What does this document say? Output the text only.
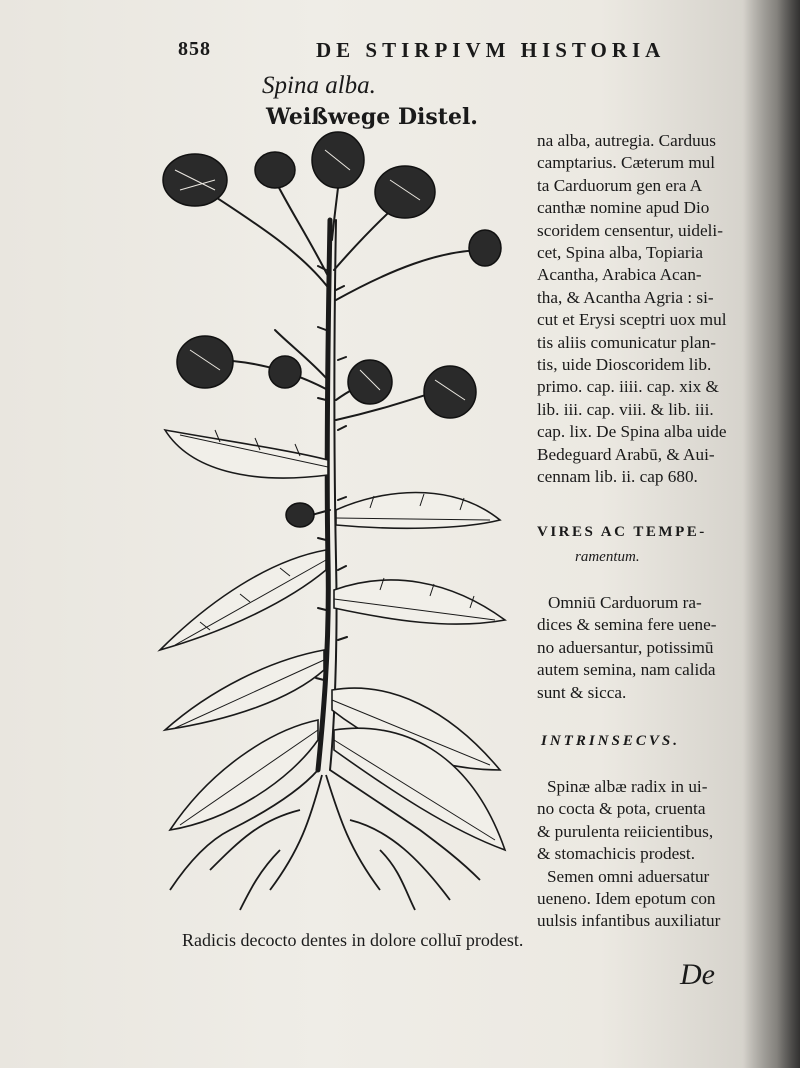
858	DE STIRPIVM HISTORIA
Spina alba.
Weißwege Distel.
na alba, autregia. Carduus
camptarius. Cæterum mul
ta Carduorum gen era A
canthæ nomine apud Dio
scoridem censentur, uideli-
cet, Spina alba, Topiaria
Acantha, Arabica Acan-
tha, & Acantha Agria : si-
cut et Erysi sceptri uox mul
tis aliis comunicatur plan-
tis, uide Dioscoridem lib.
primo. cap. iiii. cap. xix &
lib. iii. cap. viii. & lib. iii.
cap. lix. De Spina alba uide
Bedeguard Arabū, & Aui-
cennam lib. ii. cap 680.
VIRES AC TEMPE-
ramentum.
Omniū Carduorum ra-
dices & semina fere uene-
no aduersantur, potissimū
autem semina, nam calida
sunt & sicca.
INTRINSECVS.
Spinæ albæ radix in ui-
no cocta & pota, cruenta
& purulenta reiicientibus,
& stomachicis prodest.
Semen omni aduersatur
ueneno. Idem epotum con
uulsis infantibus auxiliatur
Radicis decocto dentes in dolore colluī prodest.
De
